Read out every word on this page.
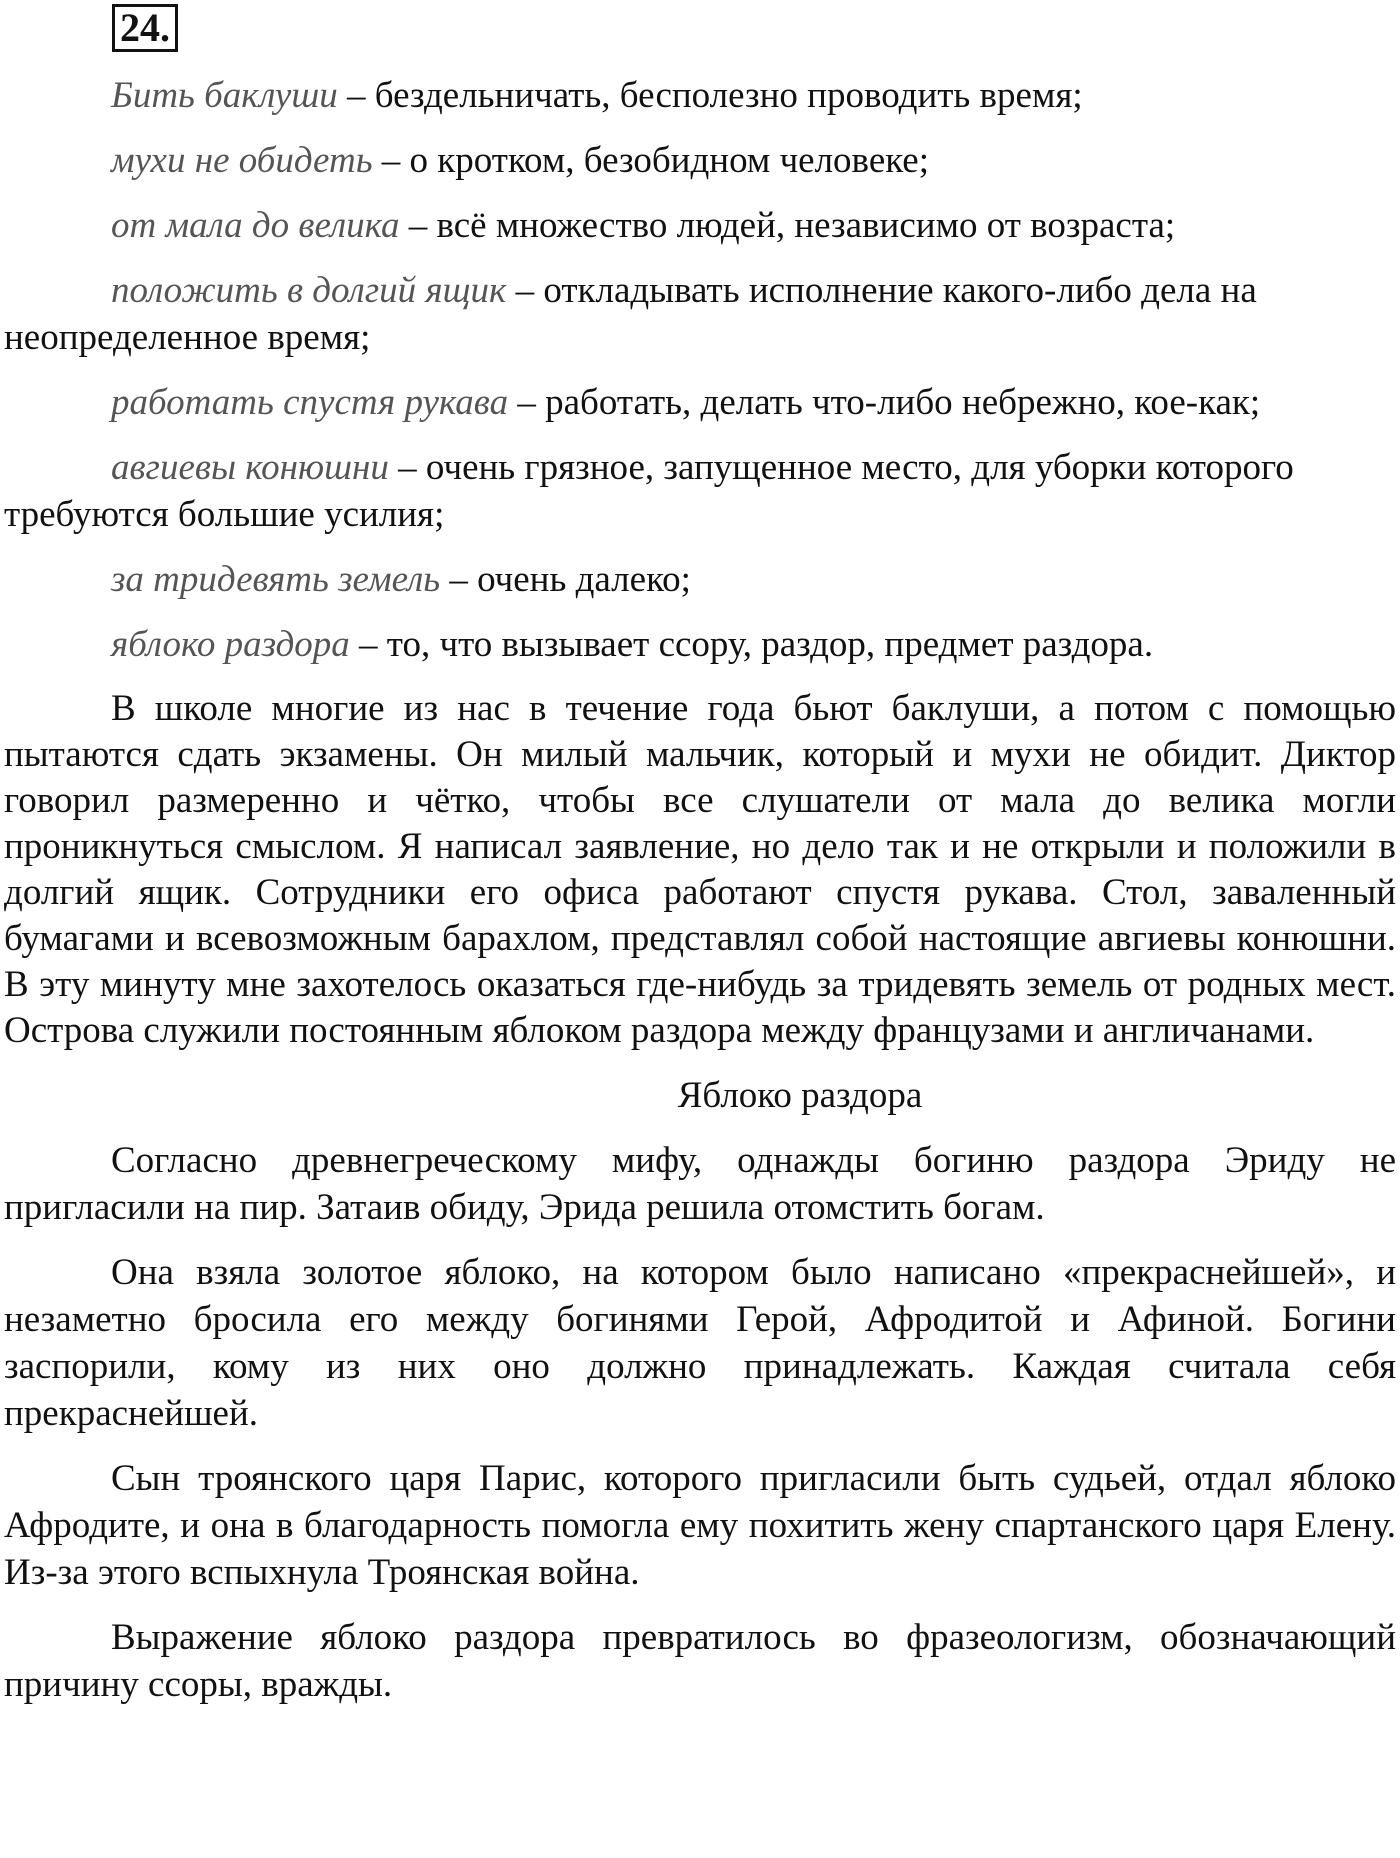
24.

Бить баклуши – бездельничать, бесполезно проводить время;

мухи не обидеть – о кротком, безобидном человеке;

от мала до велика – всё множество людей, независимо от возраста;

положить в долгий ящик – откладывать исполнение какого-либо дела на неопределенное время;

работать спустя рукава – работать, делать что-либо небрежно, кое-как;

авгиевы конюшни – очень грязное, запущенное место, для уборки которого требуются большие усилия;

за тридевять земель – очень далеко;

яблоко раздора – то, что вызывает ссору, раздор, предмет раздора.

В школе многие из нас в течение года бьют баклуши, а потом с помощью пытаются сдать экзамены. Он милый мальчик, который и мухи не обидит. Диктор говорил размеренно и чётко, чтобы все слушатели от мала до велика могли проникнуться смыслом. Я написал заявление, но дело так и не открыли и положили в долгий ящик. Сотрудники его офиса работают спустя рукава. Стол, заваленный бумагами и всевозможным барахлом, представлял собой настоящие авгиевы конюшни. В эту минуту мне захотелось оказаться где-нибудь за тридевять земель от родных мест. Острова служили постоянным яблоком раздора между французами и англичанами.

Яблоко раздора

Согласно древнегреческому мифу, однажды богиню раздора Эриду не пригласили на пир. Затаив обиду, Эрида решила отомстить богам.

Она взяла золотое яблоко, на котором было написано «прекраснейшей», и незаметно бросила его между богинями Герой, Афродитой и Афиной. Богини заспорили, кому из них оно должно принадлежать. Каждая считала себя прекраснейшей.

Сын троянского царя Парис, которого пригласили быть судьей, отдал яблоко Афродите, и она в благодарность помогла ему похитить жену спартанского царя Елену. Из-за этого вспыхнула Троянская война.

Выражение яблоко раздора превратилось во фразеологизм, обозначающий причину ссоры, вражды.
